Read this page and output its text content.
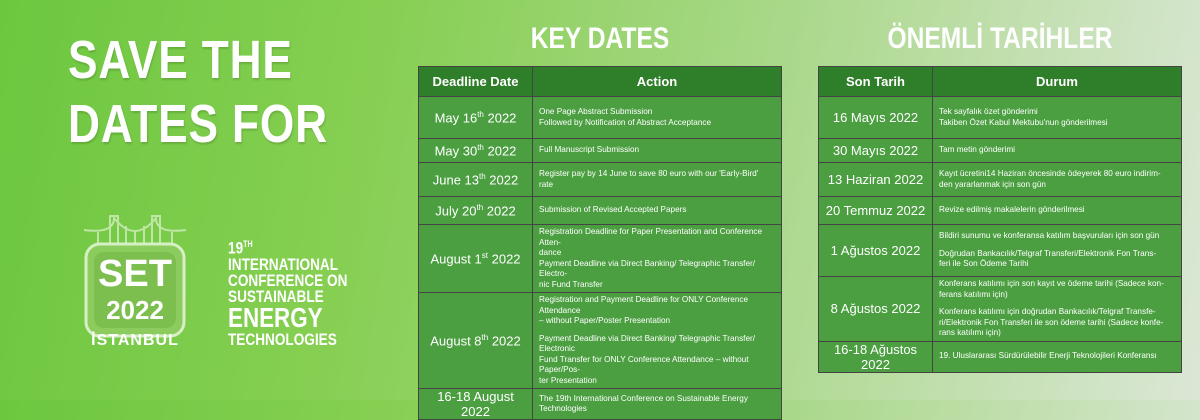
SAVE THE
DATES FOR
SET
2022
İSTANBUL
19TH INTERNATIONAL
CONFERENCE ON
SUSTAINABLE
ENERGY
TECHNOLOGIES
KEY DATES	ÖNEMLİ TARİHLER
Deadline Date	Action
May 16th 2022	One Page Abstract Submission
Followed by Notification of Abstract Acceptance

May 30th 2022	Full Manuscript Submission

June 13th 2022	Register pay by 14 June to save 80 euro with our 'Early-Bird'
rate

July 20th 2022	Submission of Revised Accepted Papers

August 1st 2022	Registration Deadline for Paper Presentation and Conference Atten-
dance
Payment Deadline via Direct Banking/ Telegraphic Transfer/ Electro-
nic Fund Transfer

August 8th 2022	Registration and Payment Deadline for ONLY Conference Attendance
– without Paper/Poster Presentation
Payment Deadline via Direct Banking/ Telegraphic Transfer/ Electronic
Fund Transfer for ONLY Conference Attendance – without Paper/Pos-
ter Presentation

16-18 August 2022	The 19th International Conference on Sustainable Energy
Technologies
Son Tarih	Durum
16 Mayıs 2022	Tek sayfalık özet gönderimi
Takiben Özet Kabul Mektubu'nun gönderilmesi

30 Mayıs 2022	Tam metin gönderimi

13 Haziran 2022	Kayıt ücretini14 Haziran öncesinde ödeyerek 80 euro indirim-
den yararlanmak için son gün

20 Temmuz 2022	Revize edilmiş makalelerin gönderilmesi

1 Ağustos 2022	Bildiri sunumu ve konferansa katılım başvuruları için son gün
Doğrudan Bankacılık/Telgraf Transferi/Elektronik Fon Trans-
feri ile Son Ödeme Tarihi

8 Ağustos 2022	Konferans katılımı için son kayıt ve ödeme tarihi (Sadece kon-
ferans katılımı için)
Konferans katılımı için doğrudan Bankacılık/Telgraf Transfe-
ri/Elektronik Fon Transferi ile son ödeme tarihi (Sadece konfe-
rans katılımı için)

16-18 Ağustos 2022	19. Uluslararası Sürdürülebilir Enerji Teknolojileri Konferansı
